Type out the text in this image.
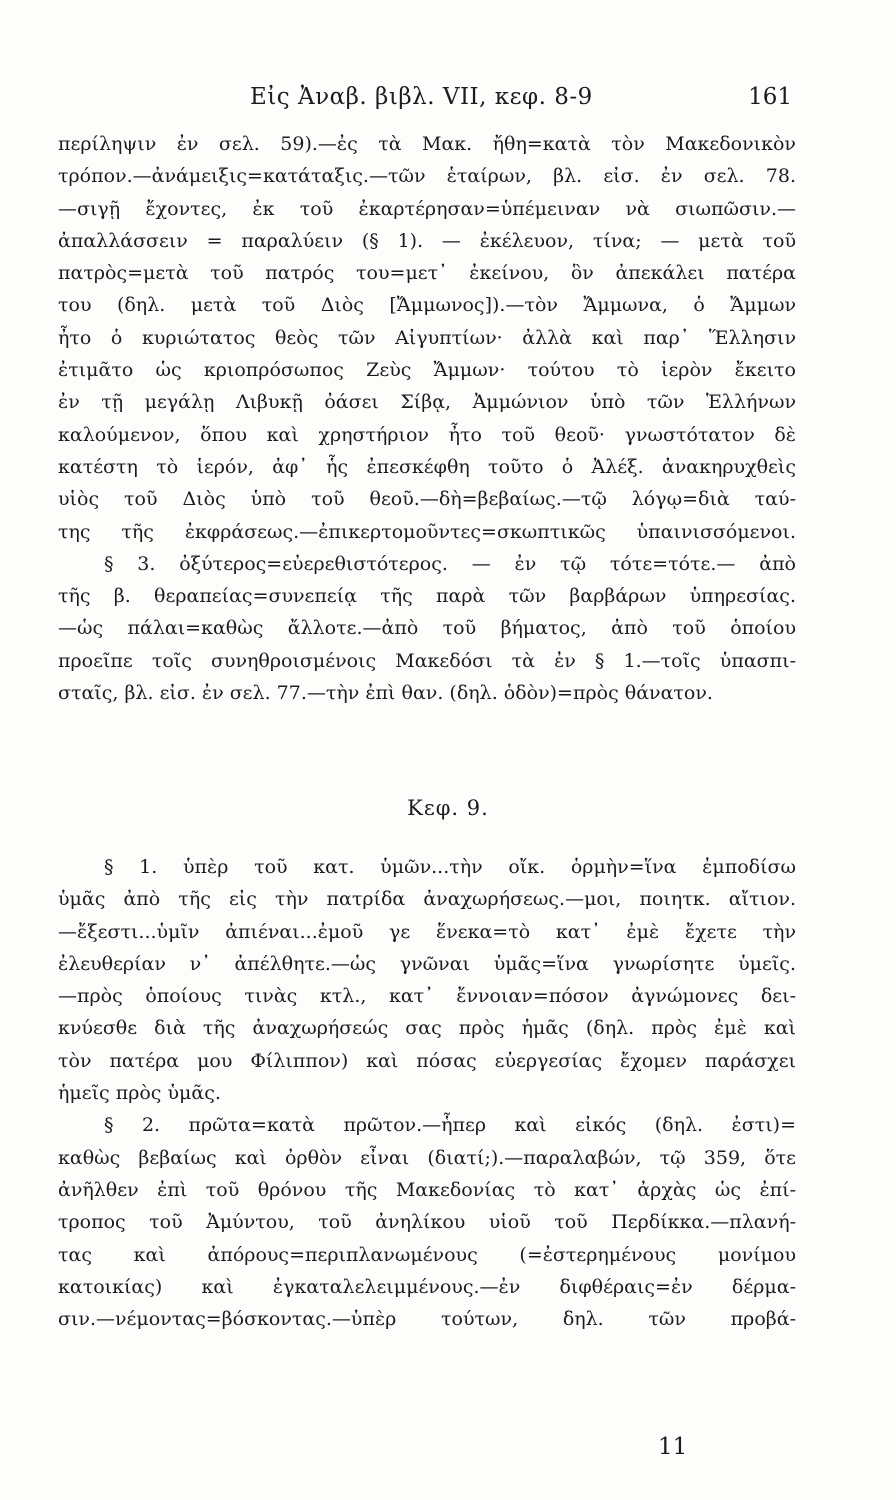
Εἰς Ἀναβ. βιβλ. VII, κεφ. 8-9	161
περίληψιν ἐν σελ. 59).—ἐς τὰ Μακ. ἤθη=κατὰ τὸν Μακεδονικὸν
τρόπον.—ἀνάμειξις=κατάταξις.—τῶν ἑταίρων, βλ. εἰσ. ἐν σελ. 78.
—σιγῇ ἔχοντες, ἐκ τοῦ ἐκαρτέρησαν=ὑπέμειναν νὰ σιωπῶσιν.—
ἀπαλλάσσειν = παραλύειν (§ 1). — ἐκέλευον, τίνα; — μετὰ τοῦ
πατρὸς=μετὰ τοῦ πατρός του=μετ᾽ ἐκείνου, ὃν ἀπεκάλει πατέρα
του (δηλ. μετὰ τοῦ Διὸς [Ἄμμωνος]).—τὸν Ἄμμωνα, ὁ Ἄμμων
ἦτο ὁ κυριώτατος θεὸς τῶν Αἰγυπτίων· ἀλλὰ καὶ παρ᾽ Ἕλλησιν
ἐτιμᾶτο ὡς κριοπρόσωπος Ζεὺς Ἄμμων· τούτου τὸ ἱερὸν ἔκειτο
ἐν τῇ μεγάλῃ Λιβυκῇ ὀάσει Σίβᾳ, Ἀμμώνιον ὑπὸ τῶν Ἑλλήνων
καλούμενον, ὅπου καὶ χρηστήριον ἦτο τοῦ θεοῦ· γνωστότατον δὲ
κατέστη τὸ ἱερόν, ἀφ᾽ ἧς ἐπεσκέφθη τοῦτο ὁ Ἀλέξ. ἀνακηρυχθεὶς
υἱὸς τοῦ Διὸς ὑπὸ τοῦ θεοῦ.—δὴ=βεβαίως.—τῷ λόγῳ=διὰ ταύ-
της τῆς ἐκφράσεως.—ἐπικερτομοῦντες=σκωπτικῶς ὑπαινισσόμενοι.
§ 3. ὀξύτερος=εὐερεθιστότερος. — ἐν τῷ τότε=τότε.— ἀπὸ
τῆς β. θεραπείας=συνεπείᾳ τῆς παρὰ τῶν βαρβάρων ὑπηρεσίας.
—ὡς πάλαι=καθὼς ἄλλοτε.—ἀπὸ τοῦ βήματος, ἀπὸ τοῦ ὁποίου
προεῖπε τοῖς συνηθροισμένοις Μακεδόσι τὰ ἐν § 1.—τοῖς ὑπασπι-
σταῖς, βλ. εἰσ. ἐν σελ. 77.—τὴν ἐπὶ θαν. (δηλ. ὁδὸν)=πρὸς θάνατον.
Κεφ. 9.
§ 1. ὑπὲρ τοῦ κατ. ὑμῶν...τὴν οἴκ. ὁρμὴν=ἵνα ἐμποδίσω
ὑμᾶς ἀπὸ τῆς εἰς τὴν πατρίδα ἀναχωρήσεως.—μοι, ποιητκ. αἴτιον.
—ἔξεστι...ὑμῖν ἀπιέναι...ἐμοῦ γε ἕνεκα=τὸ κατ᾽ ἐμὲ ἔχετε τὴν
ἐλευθερίαν ν᾽ ἀπέλθητε.—ὡς γνῶναι ὑμᾶς=ἵνα γνωρίσητε ὑμεῖς.
—πρὸς ὁποίους τινὰς κτλ., κατ᾽ ἔννοιαν=πόσον ἀγνώμονες δει-
κνύεσθε διὰ τῆς ἀναχωρήσεώς σας πρὸς ἡμᾶς (δηλ. πρὸς ἐμὲ καὶ
τὸν πατέρα μου Φίλιππον) καὶ πόσας εὐεργεσίας ἔχομεν παράσχει
ἡμεῖς πρὸς ὑμᾶς.
§ 2. πρῶτα=κατὰ πρῶτον.—ἧπερ καὶ εἰκός (δηλ. ἐστι)=
καθὼς βεβαίως καὶ ὀρθὸν εἶναι (διατί;).—παραλαβών, τῷ 359, ὅτε
ἀνῆλθεν ἐπὶ τοῦ θρόνου τῆς Μακεδονίας τὸ κατ᾽ ἀρχὰς ὡς ἐπί-
τροπος τοῦ Ἀμύντου, τοῦ ἀνηλίκου υἱοῦ τοῦ Περδίκκα.—πλανή-
τας καὶ ἀπόρους=περιπλανωμένους (=ἐστερημένους μονίμου
κατοικίας) καὶ ἐγκαταλελειμμένους.—ἐν διφθέραις=ἐν δέρμα-
σιν.—νέμοντας=βόσκοντας.—ὑπὲρ τούτων, δηλ. τῶν προβά-
11
